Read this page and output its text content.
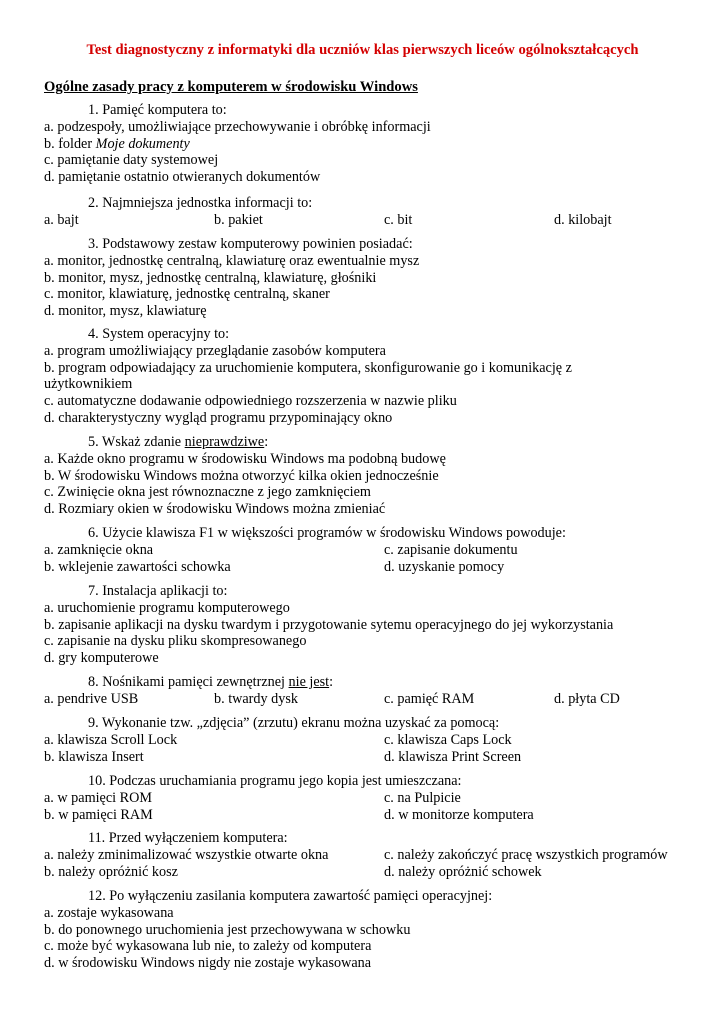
Test diagnostyczny z informatyki dla uczniów klas pierwszych liceów ogólnokształcących
Ogólne zasady pracy z komputerem w środowisku Windows
1. Pamięć komputera to:
a. podzespoły, umożliwiające przechowywanie i obróbkę informacji
b. folder Moje dokumenty
c. pamiętanie daty systemowej
d. pamiętanie ostatnio otwieranych dokumentów
2. Najmniejsza jednostka informacji to:
a. bajt	b. pakiet	c. bit	d. kilobajt
3. Podstawowy zestaw komputerowy powinien posiadać:
a. monitor, jednostkę centralną, klawiaturę oraz ewentualnie mysz
b. monitor, mysz, jednostkę centralną, klawiaturę, głośniki
c. monitor, klawiaturę, jednostkę centralną, skaner
d. monitor, mysz, klawiaturę
4. System operacyjny to:
a. program umożliwiający przeglądanie zasobów komputera
b. program odpowiadający za uruchomienie komputera, skonfigurowanie go i komunikację z użytkownikiem
c. automatyczne dodawanie odpowiedniego rozszerzenia w nazwie pliku
d. charakterystyczny wygląd programu przypominający okno
5. Wskaż zdanie nieprawdziwe:
a. Każde okno programu w środowisku Windows ma podobną budowę
b. W środowisku Windows można otworzyć kilka okien jednocześnie
c. Zwinięcie okna jest równoznaczne z jego zamknięciem
d. Rozmiary okien w środowisku Windows można zmieniać
6. Użycie klawisza F1 w większości programów w środowisku Windows powoduje:
a. zamknięcie okna	c. zapisanie dokumentu
b. wklejenie zawartości schowka	d. uzyskanie pomocy
7. Instalacja aplikacji to:
a. uruchomienie programu komputerowego
b. zapisanie aplikacji na dysku twardym i przygotowanie sytemu operacyjnego do jej wykorzystania
c. zapisanie na dysku pliku skompresowanego
d. gry komputerowe
8. Nośnikami pamięci zewnętrznej nie jest:
a. pendrive USB	b. twardy dysk	c. pamięć RAM	d. płyta CD
9. Wykonanie tzw. „zdjęcia” (zrzutu) ekranu można uzyskać za pomocą:
a. klawisza Scroll Lock	c. klawisza Caps Lock
b. klawisza Insert	d. klawisza Print Screen
10. Podczas uruchamiania programu jego kopia jest umieszczana:
a. w pamięci ROM	c. na Pulpicie
b. w pamięci RAM	d. w monitorze komputera
11. Przed wyłączeniem komputera:
a. należy zminimalizować wszystkie otwarte okna	c. należy zakończyć pracę wszystkich programów
b. należy opróżnić kosz	d. należy opróżnić schowek
12. Po wyłączeniu zasilania komputera zawartość pamięci operacyjnej:
a. zostaje wykasowana
b. do ponownego uruchomienia jest przechowywana w schowku
c. może być wykasowana lub nie, to zależy od komputera
d. w środowisku Windows nigdy nie zostaje wykasowana
